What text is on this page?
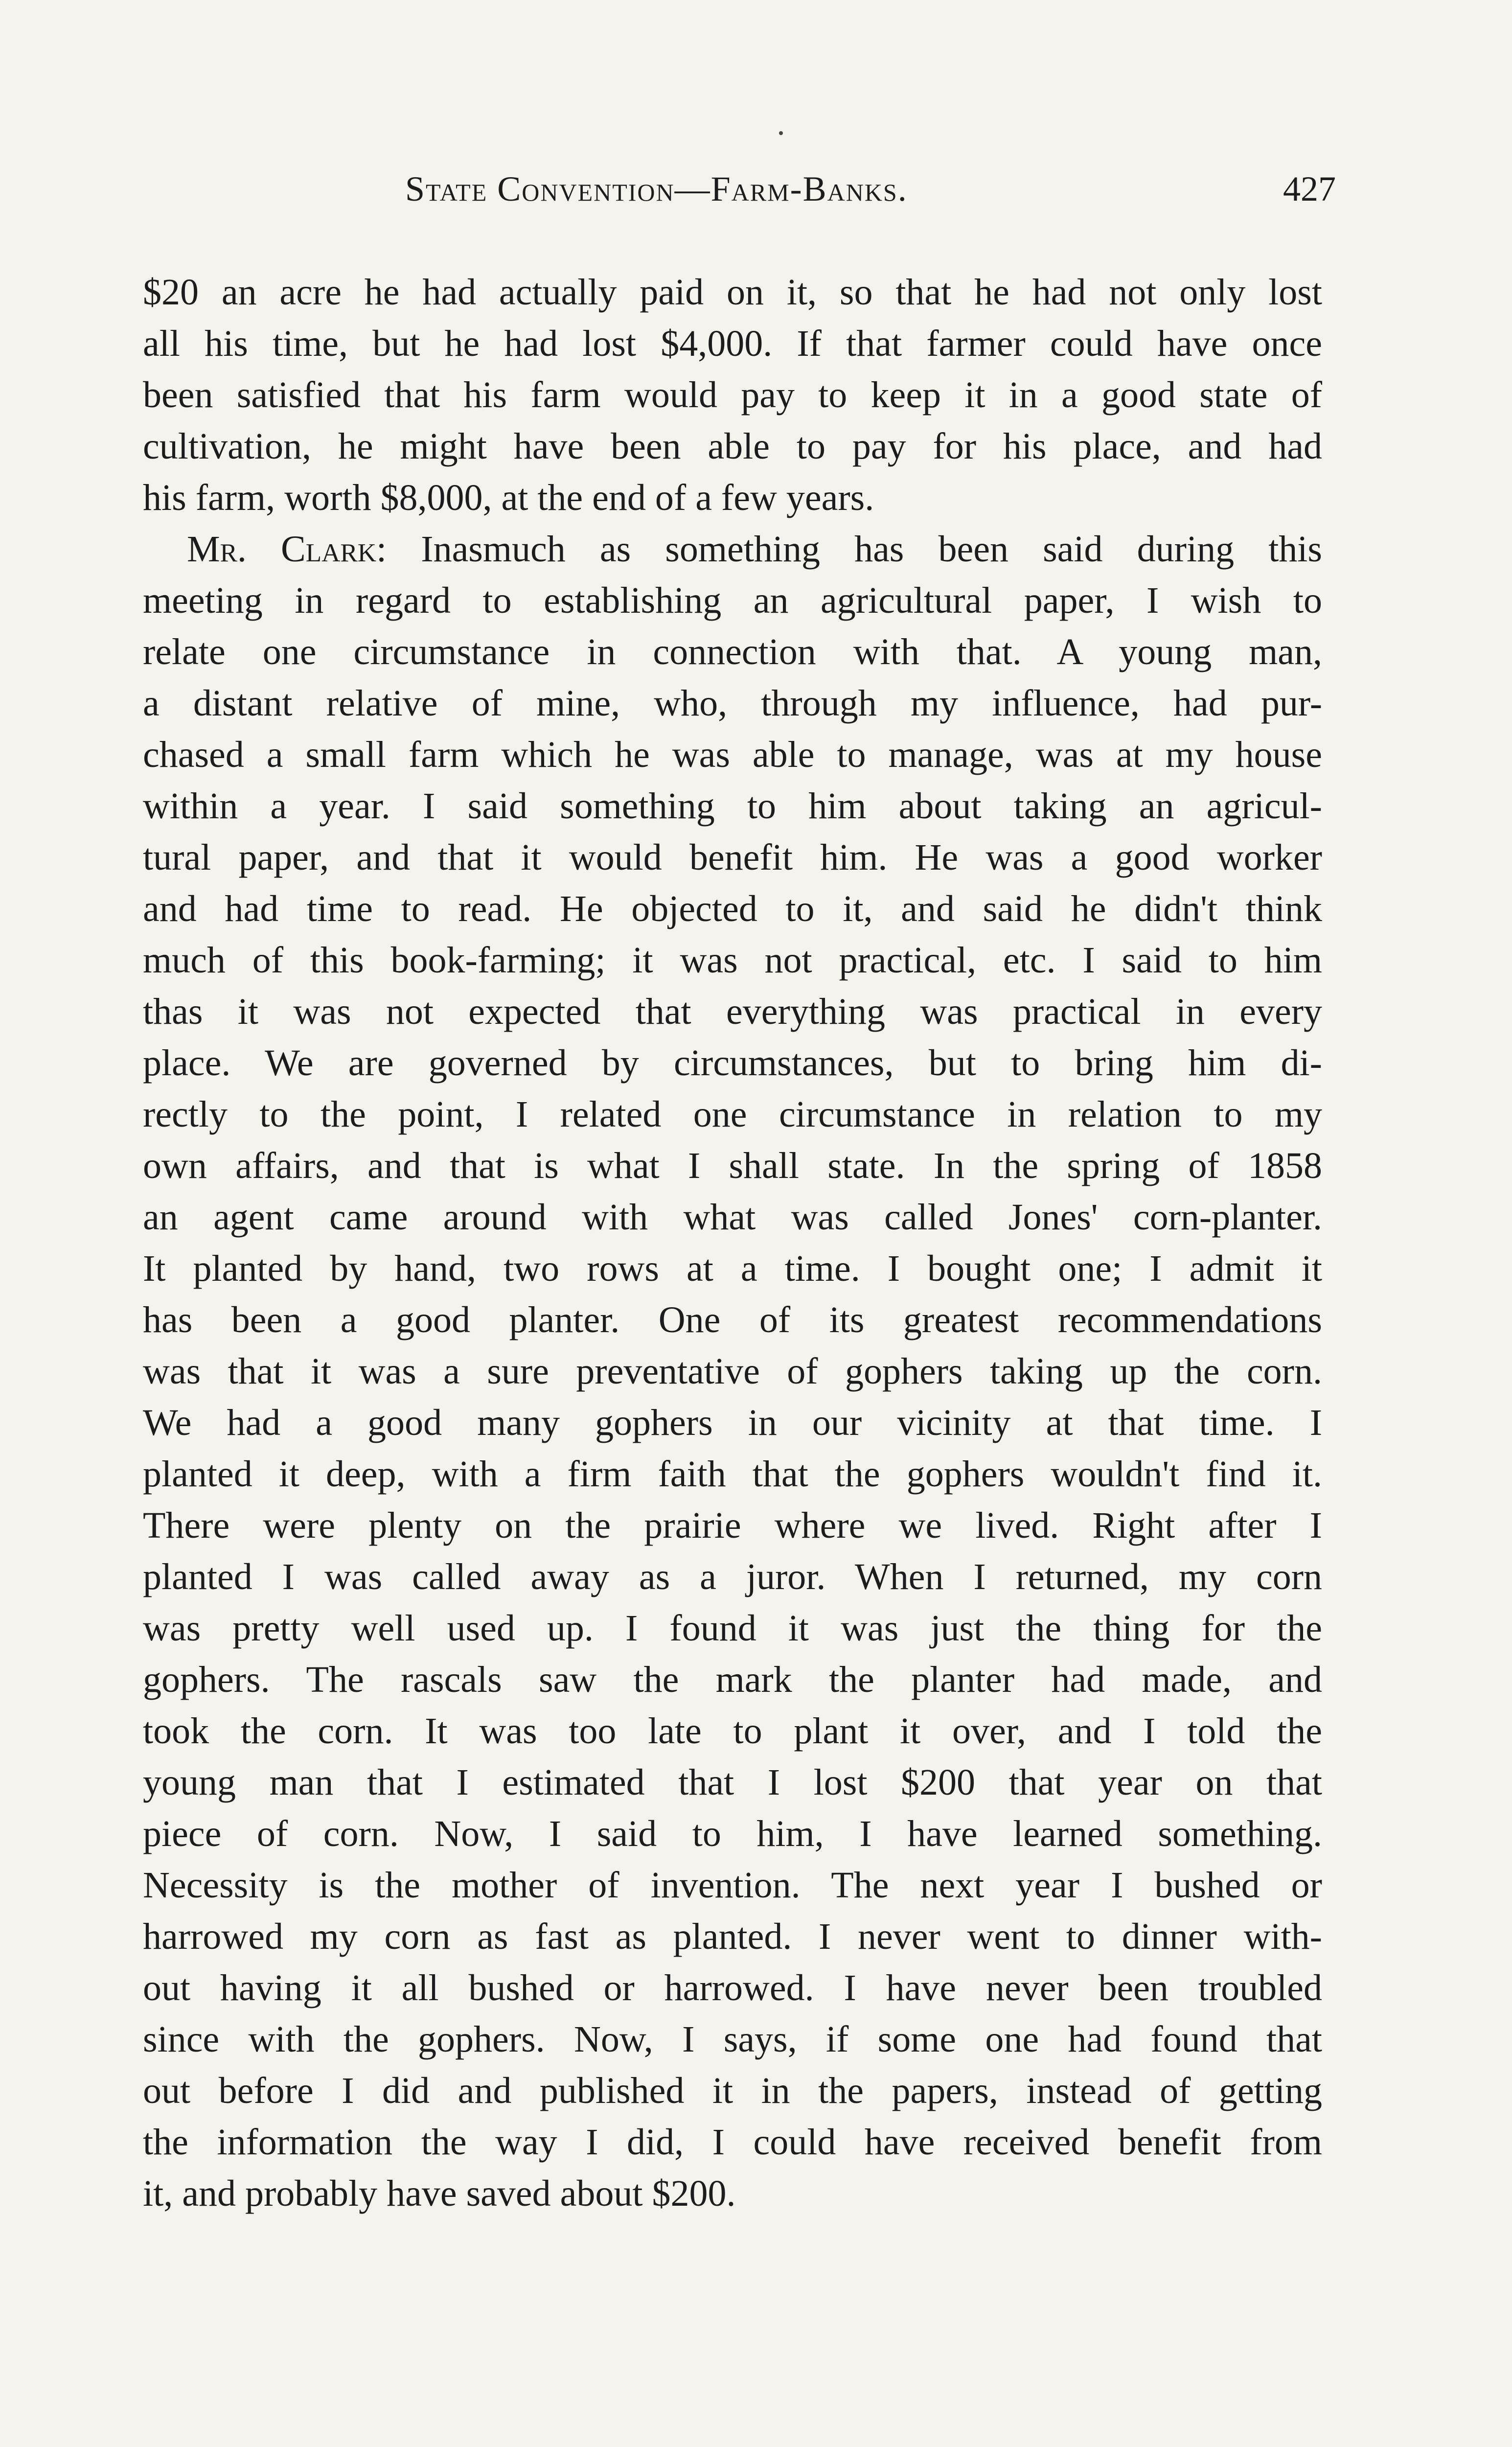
State Convention—Farm-Banks.	427
$20 an acre he had actually paid on it, so that he had not only lost
all his time, but he had lost $4,000. If that farmer could have once
been satisfied that his farm would pay to keep it in a good state of
cultivation, he might have been able to pay for his place, and had
his farm, worth $8,000, at the end of a few years.
Mr. Clark: Inasmuch as something has been said during this
meeting in regard to establishing an agricultural paper, I wish to
relate one circumstance in connection with that. A young man,
a distant relative of mine, who, through my influence, had pur-
chased a small farm which he was able to manage, was at my house
within a year. I said something to him about taking an agricul-
tural paper, and that it would benefit him. He was a good worker
and had time to read. He objected to it, and said he didn't think
much of this book-farming; it was not practical, etc. I said to him
thas it was not expected that everything was practical in every
place. We are governed by circumstances, but to bring him di-
rectly to the point, I related one circumstance in relation to my
own affairs, and that is what I shall state. In the spring of 1858
an agent came around with what was called Jones' corn-planter.
It planted by hand, two rows at a time. I bought one; I admit it
has been a good planter. One of its greatest recommendations
was that it was a sure preventative of gophers taking up the corn.
We had a good many gophers in our vicinity at that time. I
planted it deep, with a firm faith that the gophers wouldn't find it.
There were plenty on the prairie where we lived. Right after I
planted I was called away as a juror. When I returned, my corn
was pretty well used up. I found it was just the thing for the
gophers. The rascals saw the mark the planter had made, and
took the corn. It was too late to plant it over, and I told the
young man that I estimated that I lost $200 that year on that
piece of corn. Now, I said to him, I have learned something.
Necessity is the mother of invention. The next year I bushed or
harrowed my corn as fast as planted. I never went to dinner with-
out having it all bushed or harrowed. I have never been troubled
since with the gophers. Now, I says, if some one had found that
out before I did and published it in the papers, instead of getting
the information the way I did, I could have received benefit from
it, and probably have saved about $200.
